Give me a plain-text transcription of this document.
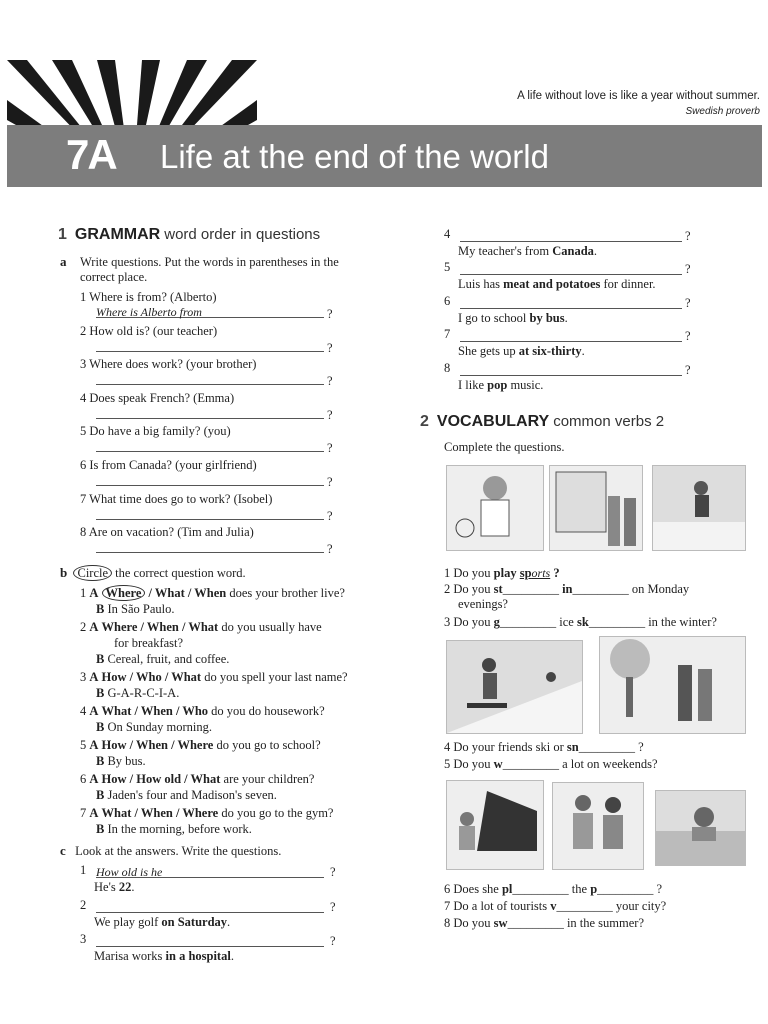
A life without love is like a year without summer.
Swedish proverb
7A Life at the end of the world
1 GRAMMAR word order in questions
a Write questions. Put the words in parentheses in the
correct place.
1 Where is from? (Alberto)
Where is Alberto from	?
2 How old is? (our teacher)
?
3 Where does work? (your brother)
?
4 Does speak French? (Emma)
?
5 Do have a big family? (you)
?
6 Is from Canada? (your girlfriend)
?
7 What time does go to work? (Isobel)
?
8 Are on vacation? (Tim and Julia)
?
b Circle the correct question word.
1 A Where / What / When does your brother live?
B In São Paulo.
2 A Where / When / What do you usually have
for breakfast?
B Cereal, fruit, and coffee.
3 A How / Who / What do you spell your last name?
B G-A-R-C-I-A.
4 A What / When / Who do you do housework?
B On Sunday morning.
5 A How / When / Where do you go to school?
B By bus.
6 A How / How old / What are your children?
B Jaden's four and Madison's seven.
7 A What / When / Where do you go to the gym?
B In the morning, before work.
c Look at the answers. Write the questions.
1 How old is he	?
He's 22.
2	?
We play golf on Saturday.
3	?
Marisa works in a hospital.
4	?
My teacher's from Canada.
5	?
Luis has meat and potatoes for dinner.
6	?
I go to school by bus.
7	?
She gets up at six-thirty.
8	?
I like pop music.
2 VOCABULARY common verbs 2
Complete the questions.
1 Do you play sports ?
2 Do you st_________ in_________ on Monday
evenings?
3 Do you g_________ ice sk_________ in the winter?
4 Do your friends ski or sn_________ ?
5 Do you w_________ a lot on weekends?
6 Does she pl_________ the p_________ ?
7 Do a lot of tourists v_________ your city?
8 Do you sw_________ in the summer?
